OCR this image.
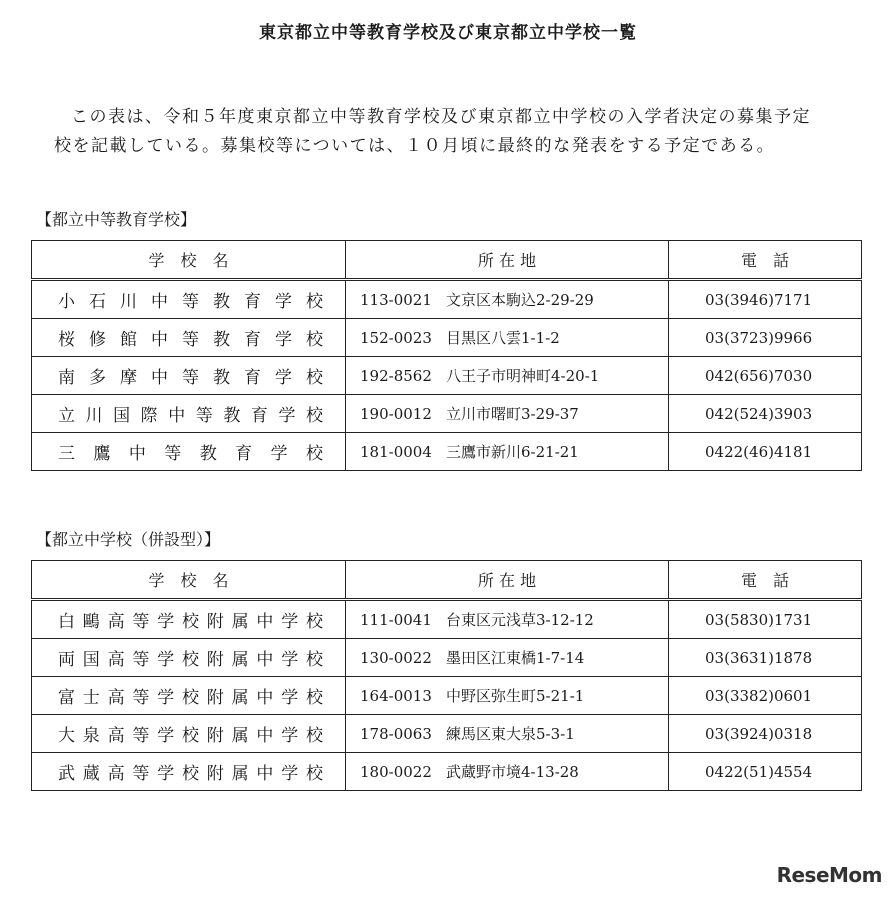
東京都立中等教育学校及び東京都立中学校一覧

この表は、令和５年度東京都立中等教育学校及び東京都立中学校の入学者決定の募集予定
校を記載している。募集校等については、１０月頃に最終的な発表をする予定である。

【都立中等教育学校】

学　校　名	所 在 地	電　話
小石川中等教育学校	113-0021 文京区本駒込2-29-29	03(3946)7171
桜修館中等教育学校	152-0023 目黒区八雲1-1-2	03(3723)9966
南多摩中等教育学校	192-8562 八王子市明神町4-20-1	042(656)7030
立川国際中等教育学校	190-0012 立川市曙町3-29-37	042(524)3903
三鷹中等教育学校	181-0004 三鷹市新川6-21-21	0422(46)4181

【都立中学校（併設型）】

学　校　名	所 在 地	電　話
白鷗高等学校附属中学校	111-0041 台東区元浅草3-12-12	03(5830)1731
両国高等学校附属中学校	130-0022 墨田区江東橋1-7-14	03(3631)1878
富士高等学校附属中学校	164-0013 中野区弥生町5-21-1	03(3382)0601
大泉高等学校附属中学校	178-0063 練馬区東大泉5-3-1	03(3924)0318
武蔵高等学校附属中学校	180-0022 武蔵野市境4-13-28	0422(51)4554

ReseMom
